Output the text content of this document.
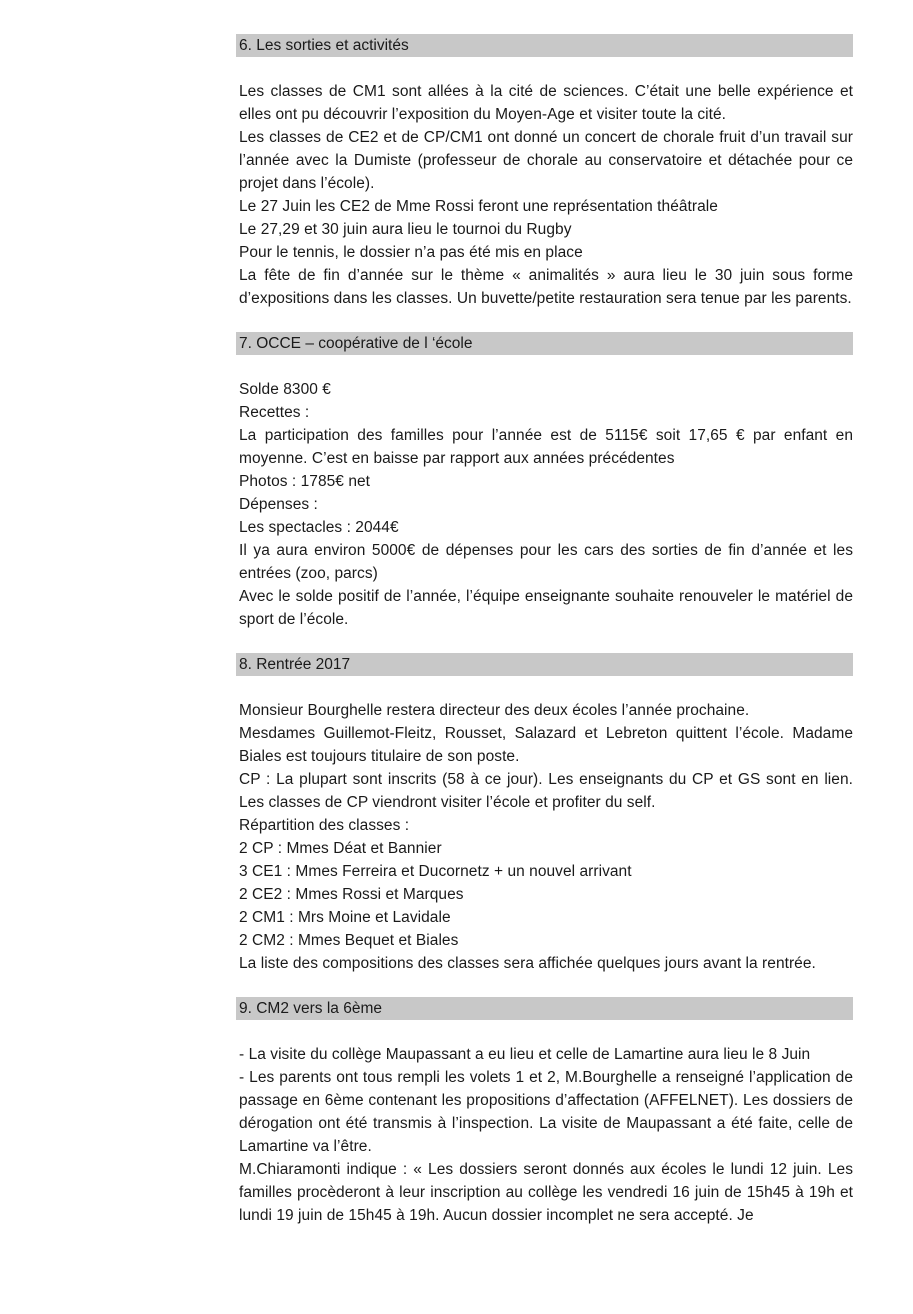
6. Les sorties et activités

Les classes de CM1 sont allées à la cité de sciences. C’était une belle expérience et elles ont pu découvrir l’exposition du Moyen-Age et visiter toute la cité.

Les classes de CE2 et de CP/CM1 ont donné un concert de chorale fruit d’un travail sur l’année avec la Dumiste (professeur de chorale au conservatoire et détachée pour ce projet dans l’école).

Le 27 Juin les CE2 de Mme Rossi feront une représentation théâtrale

Le 27,29 et 30 juin aura lieu le tournoi du Rugby

Pour le tennis, le dossier n’a pas été mis en place

La fête de fin d’année sur le thème « animalités » aura lieu le 30 juin sous forme d’expositions dans les classes. Un buvette/petite restauration sera tenue par les parents.

7. OCCE – coopérative de l ‘école

Solde 8300 €

Recettes :

La participation des familles pour l’année est de 5115€ soit 17,65 € par enfant en moyenne. C’est en baisse par rapport aux années précédentes

Photos : 1785€ net

Dépenses :

Les spectacles : 2044€

Il ya aura environ 5000€ de dépenses pour les cars des sorties de fin d’année et les entrées (zoo, parcs)

Avec le solde positif de l’année, l’équipe enseignante souhaite renouveler le matériel de sport de l’école.

8. Rentrée 2017

Monsieur Bourghelle restera directeur des deux écoles l’année prochaine.

Mesdames Guillemot-Fleitz, Rousset, Salazard et Lebreton quittent l’école. Madame Biales est toujours titulaire de son poste.

CP : La plupart sont inscrits (58 à ce jour). Les enseignants du CP et GS sont en lien. Les classes de CP viendront visiter l’école et profiter du self.

Répartition des classes :

2 CP : Mmes Déat et Bannier

3 CE1 : Mmes Ferreira et Ducornetz + un nouvel arrivant

2 CE2 : Mmes Rossi et Marques

2 CM1 : Mrs Moine et Lavidale

2 CM2 : Mmes Bequet et Biales

La liste des compositions des classes sera affichée quelques jours avant la rentrée.

9. CM2 vers la 6ème

- La visite du collège Maupassant a eu lieu et celle de Lamartine aura lieu le 8 Juin

- Les parents ont tous rempli les volets 1 et 2, M.Bourghelle a renseigné l’application de passage en 6ème contenant les propositions d’affectation (AFFELNET). Les dossiers de dérogation ont été transmis à l’inspection. La visite de Maupassant a été faite, celle de Lamartine va l’être.

M.Chiaramonti indique : « Les dossiers seront donnés aux écoles le lundi 12 juin. Les familles procèderont à leur inscription au collège les vendredi 16 juin de 15h45 à 19h et lundi 19 juin de 15h45 à 19h. Aucun dossier incomplet ne sera accepté. Je
